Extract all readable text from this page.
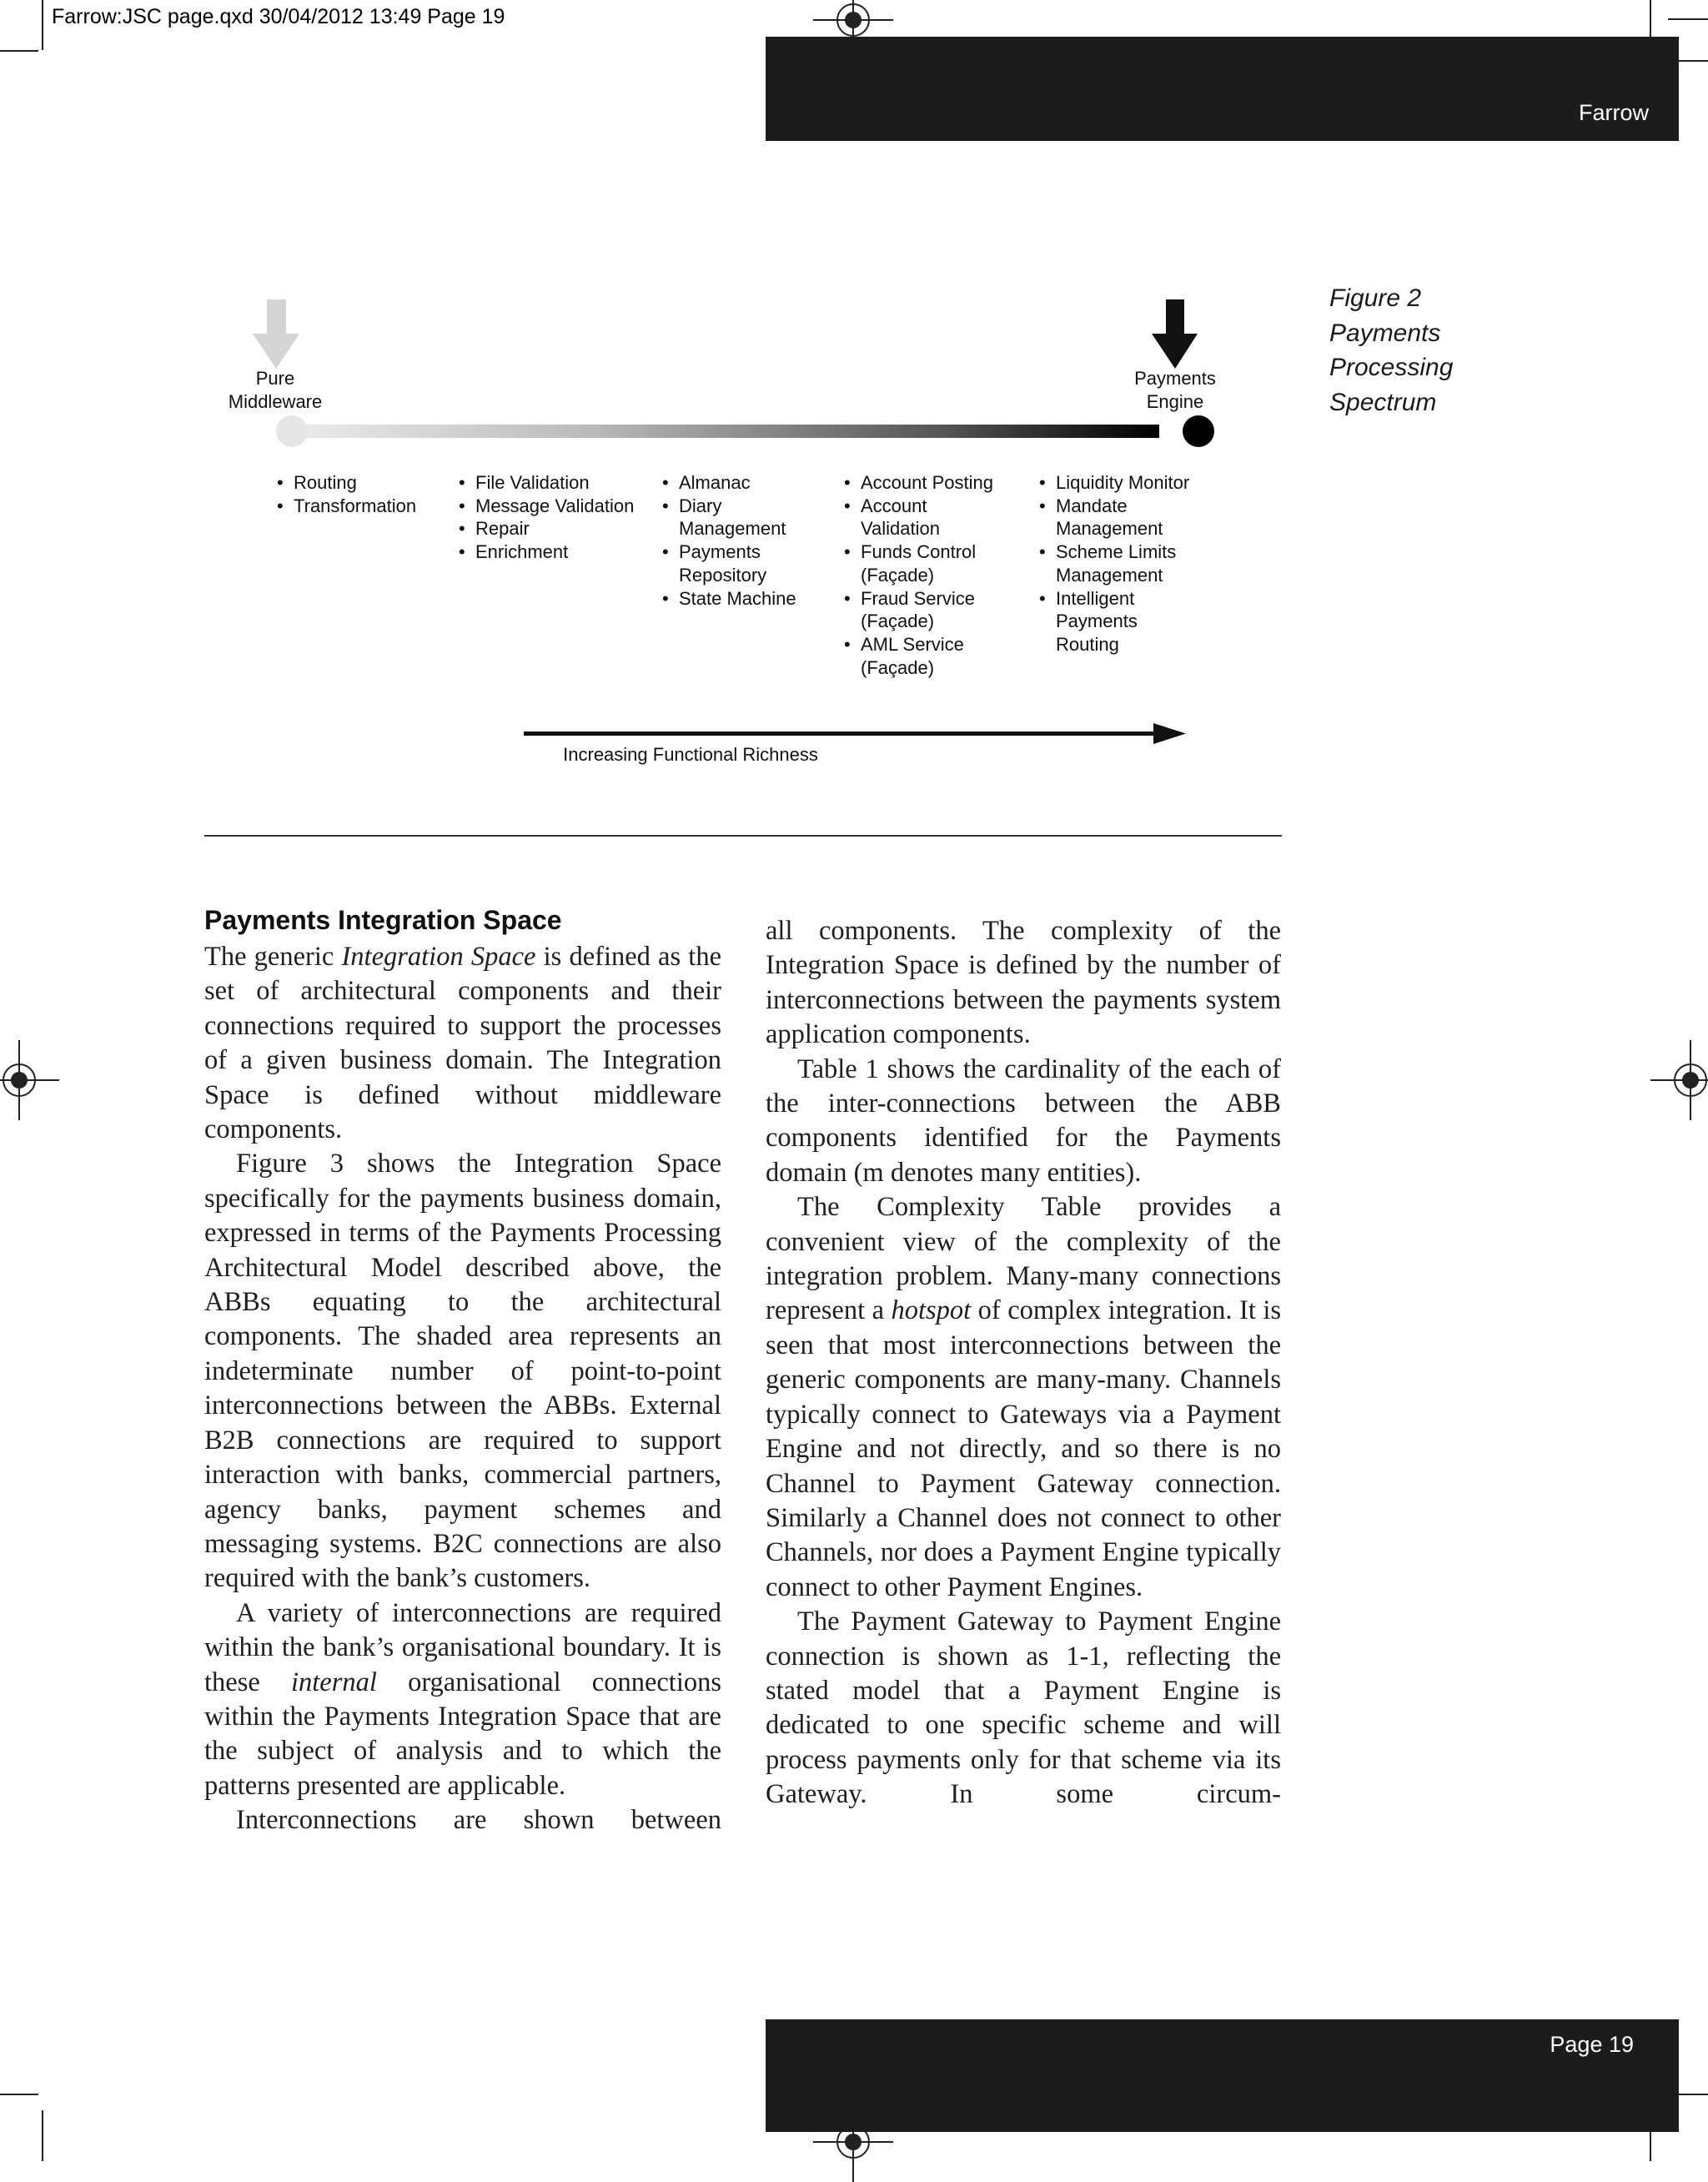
Farrow:JSC page.qxd 30/04/2012 13:49 Page 19
Farrow
Figure 2
Payments
Processing
Spectrum
Pure
Middleware
Payments
Engine
• Routing
• Transformation
• File Validation
• Message Validation
• Repair
• Enrichment
• Almanac
• Diary
Management
• Payments
Repository
• State Machine
• Account Posting
• Account
Validation
• Funds Control
(Façade)
• Fraud Service
(Façade)
• AML Service
(Façade)
• Liquidity Monitor
• Mandate
Management
• Scheme Limits
Management
• Intelligent
Payments
Routing
Increasing Functional Richness
Payments Integration Space

The generic Integration Space is defined as the set of architectural components and their connections required to support the processes of a given business domain. The Integration Space is defined without middleware components.

Figure 3 shows the Integration Space specifically for the payments business domain, expressed in terms of the Payments Processing Architectural Model described above, the ABBs equating to the architectural components. The shaded area represents an indeterminate number of point-to-point interconnections between the ABBs. External B2B connections are required to support interaction with banks, commercial partners, agency banks, payment schemes and messaging systems. B2C connections are also required with the bank’s customers.

A variety of interconnections are required within the bank’s organisational boundary. It is these internal organisational connections within the Payments Integration Space that are the subject of analysis and to which the patterns presented are applicable.

Interconnections are shown between

all components. The complexity of the Integration Space is defined by the number of interconnections between the payments system application components.

Table 1 shows the cardinality of the each of the inter-connections between the ABB components identified for the Payments domain (m denotes many entities).

The Complexity Table provides a convenient view of the complexity of the integration problem. Many-many connections represent a hotspot of complex integration. It is seen that most interconnections between the generic components are many-many. Channels typically connect to Gateways via a Payment Engine and not directly, and so there is no Channel to Payment Gateway connection. Similarly a Channel does not connect to other Channels, nor does a Payment Engine typically connect to other Payment Engines.

The Payment Gateway to Payment Engine connection is shown as 1-1, reflecting the stated model that a Payment Engine is dedicated to one specific scheme and will process payments only for that scheme via its Gateway. In some circum-

Page 19
